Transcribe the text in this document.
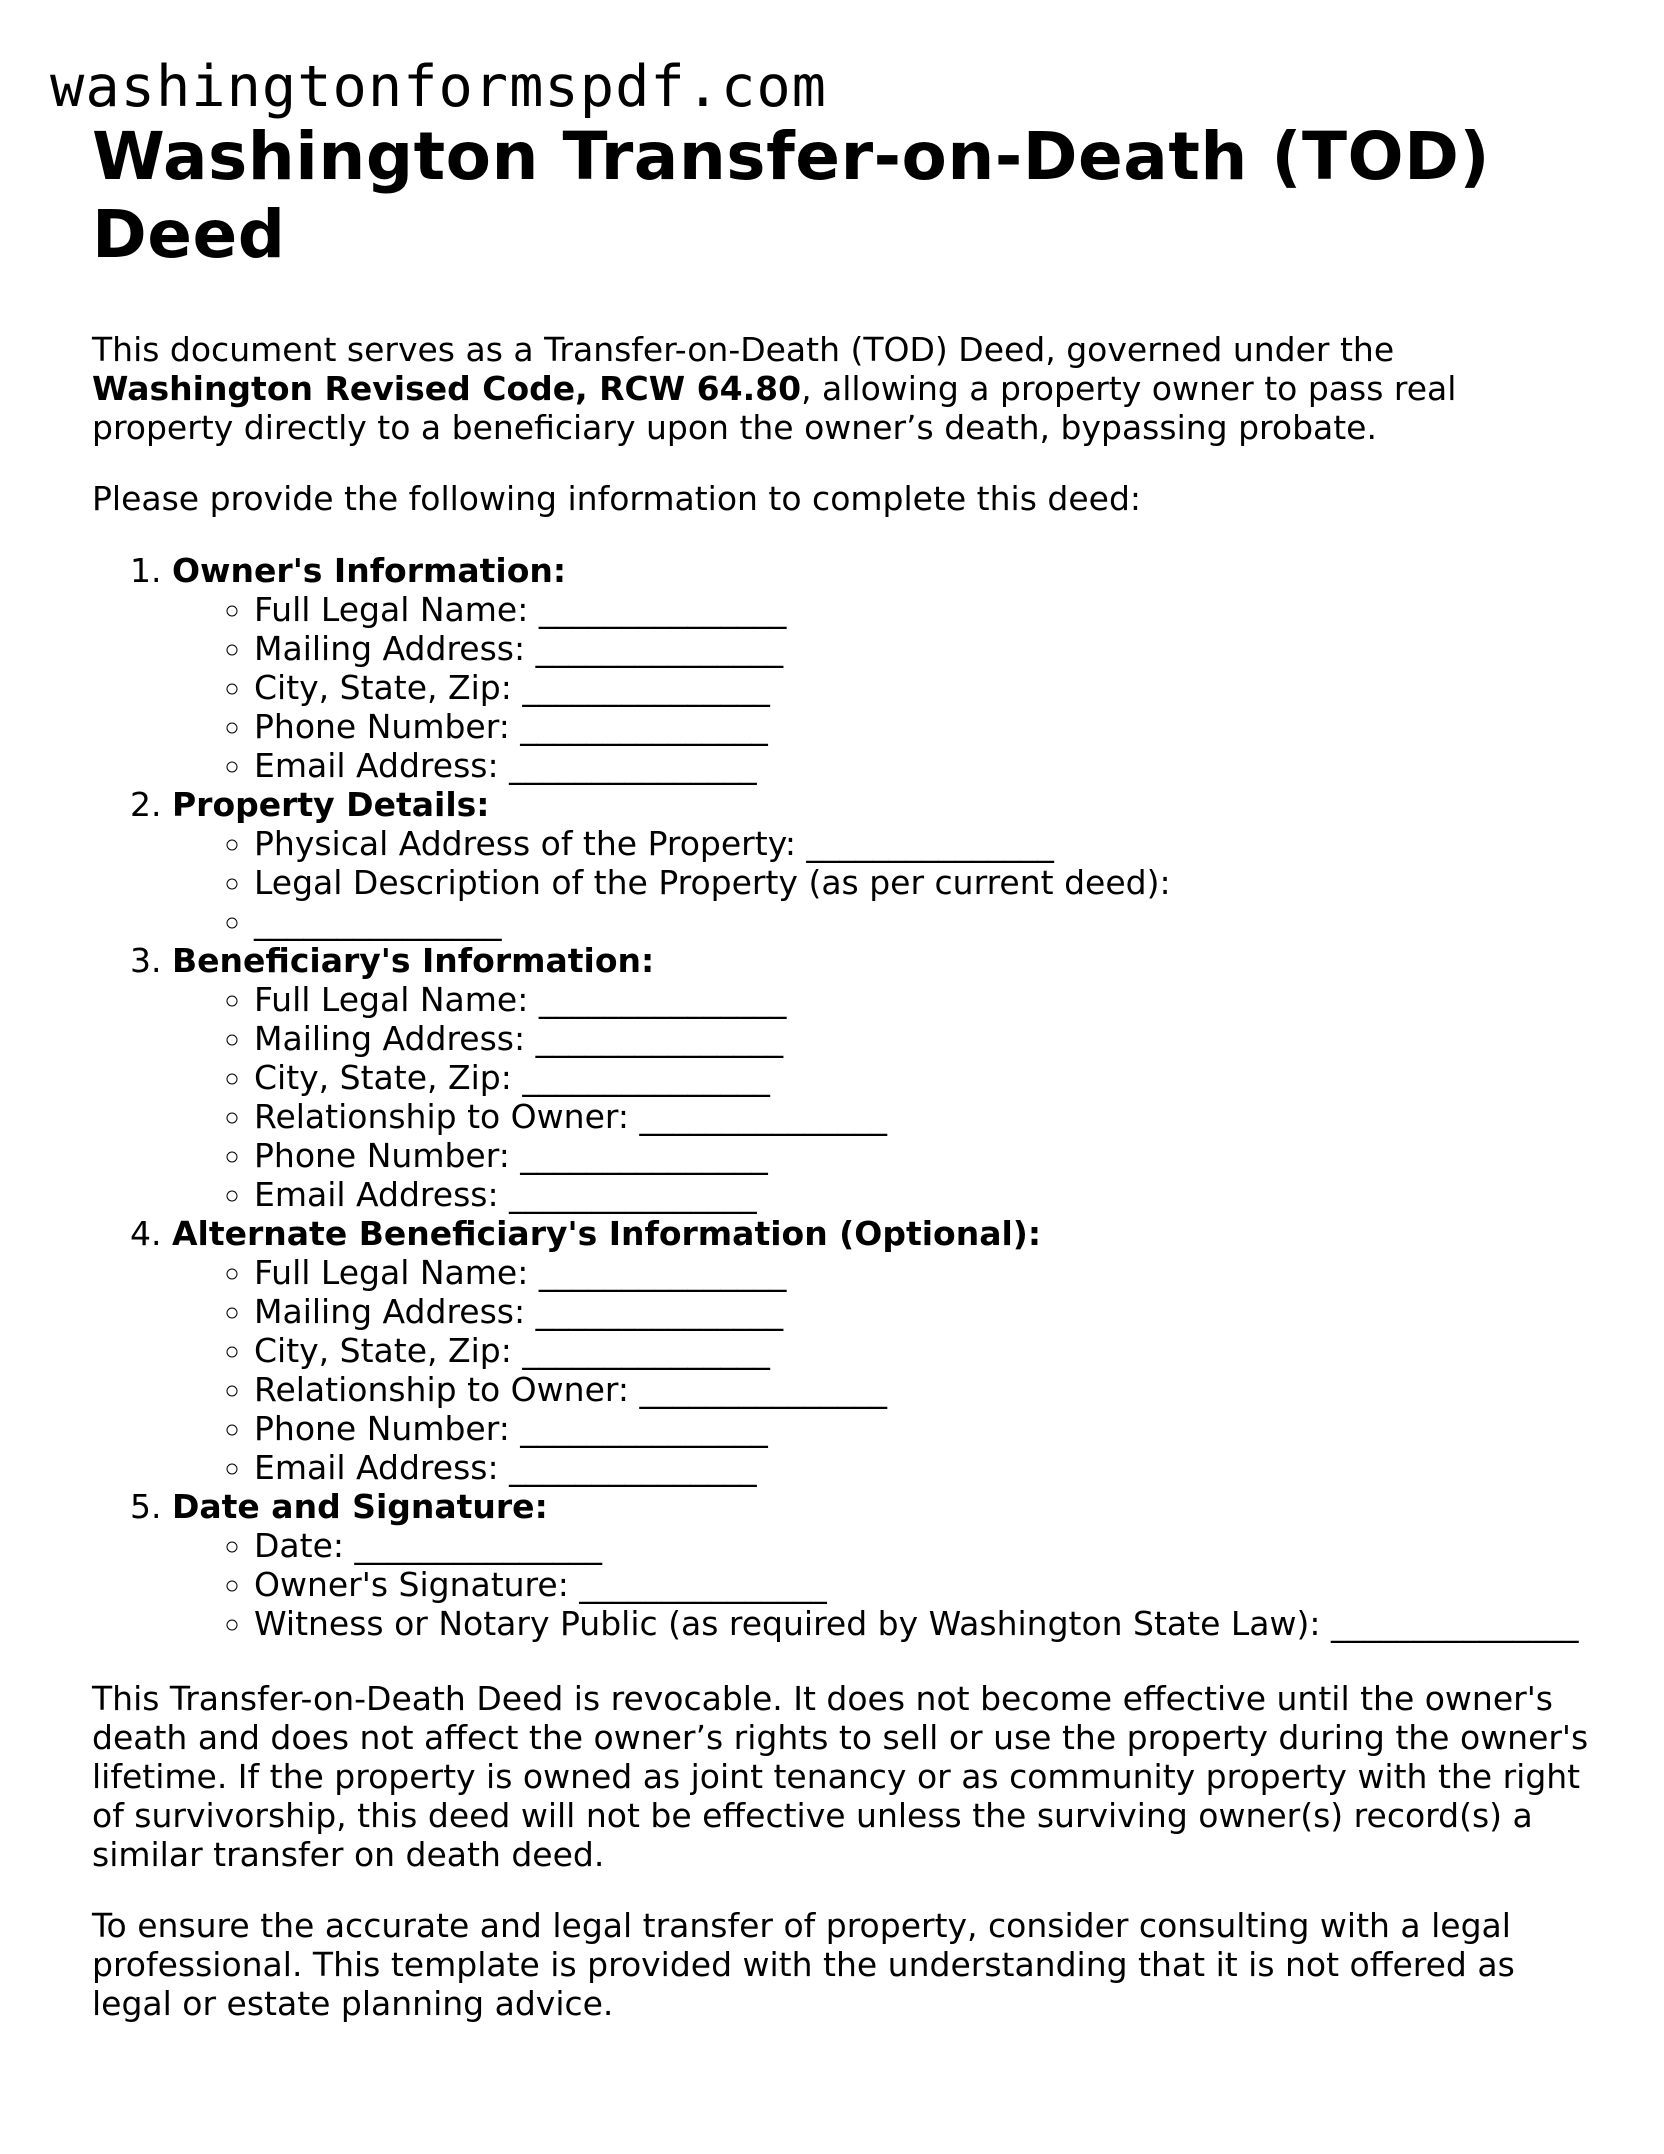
washingtonformspdf.com
Washington Transfer-on-Death (TOD) Deed

This document serves as a Transfer-on-Death (TOD) Deed, governed under the Washington Revised Code, RCW 64.80, allowing a property owner to pass real property directly to a beneficiary upon the owner’s death, bypassing probate.

Please provide the following information to complete this deed:

1. Owner's Information:
◦ Full Legal Name: _______________
◦ Mailing Address: _______________
◦ City, State, Zip: _______________
◦ Phone Number: _______________
◦ Email Address: _______________
2. Property Details:
◦ Physical Address of the Property: _______________
◦ Legal Description of the Property (as per current deed):
◦ _______________
3. Beneficiary's Information:
◦ Full Legal Name: _______________
◦ Mailing Address: _______________
◦ City, State, Zip: _______________
◦ Relationship to Owner: _______________
◦ Phone Number: _______________
◦ Email Address: _______________
4. Alternate Beneficiary's Information (Optional):
◦ Full Legal Name: _______________
◦ Mailing Address: _______________
◦ City, State, Zip: _______________
◦ Relationship to Owner: _______________
◦ Phone Number: _______________
◦ Email Address: _______________
5. Date and Signature:
◦ Date: _______________
◦ Owner's Signature: _______________
◦ Witness or Notary Public (as required by Washington State Law): _______________

This Transfer-on-Death Deed is revocable. It does not become effective until the owner's death and does not affect the owner’s rights to sell or use the property during the owner's lifetime. If the property is owned as joint tenancy or as community property with the right of survivorship, this deed will not be effective unless the surviving owner(s) record(s) a similar transfer on death deed.

To ensure the accurate and legal transfer of property, consider consulting with a legal professional. This template is provided with the understanding that it is not offered as legal or estate planning advice.
